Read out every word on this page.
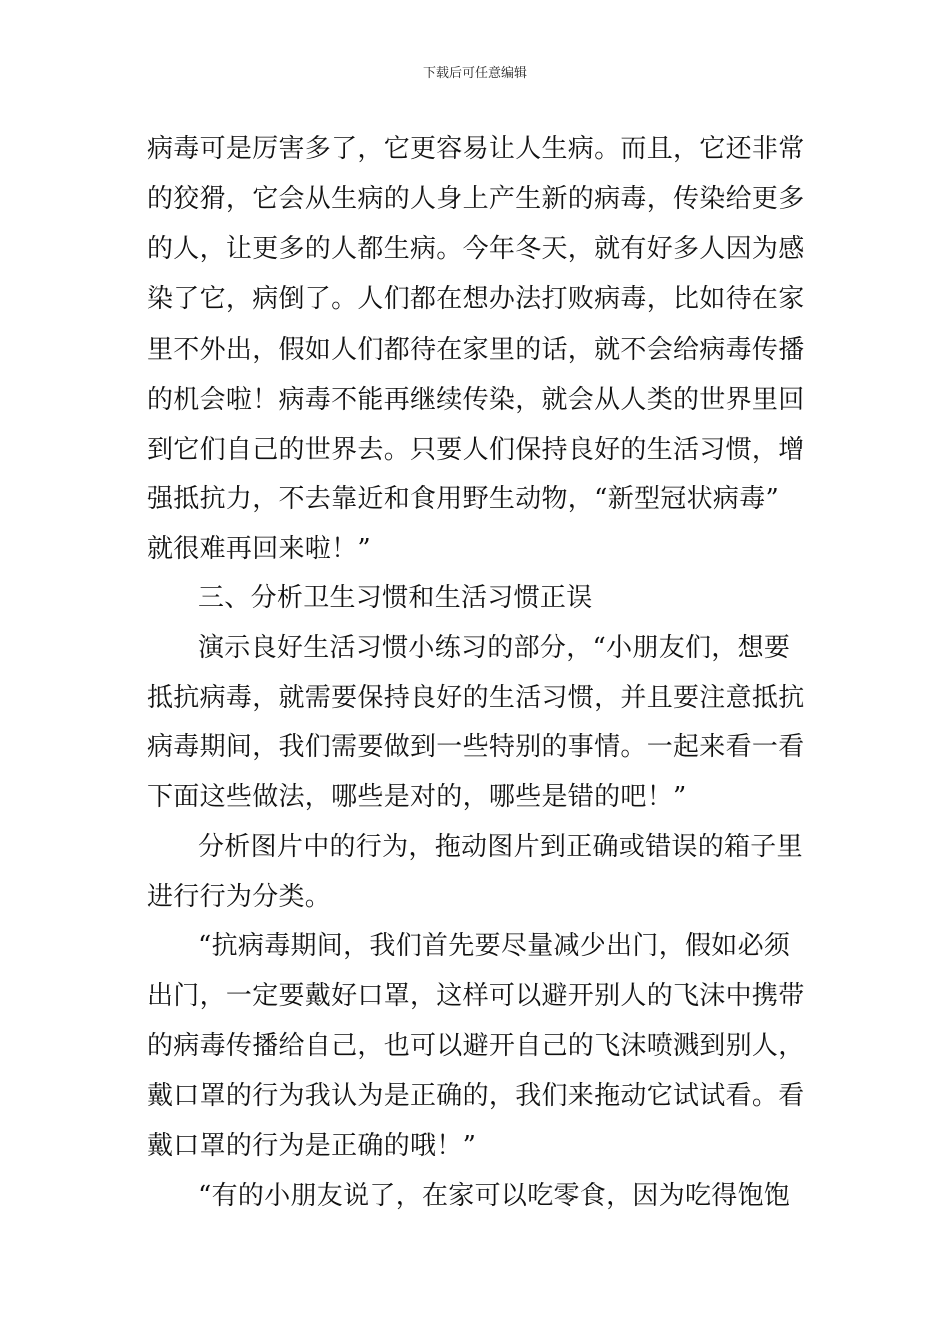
下载后可任意编辑
病毒可是厉害多了，它更容易让人生病。而且，它还非常
的狡猾，它会从生病的人身上产生新的病毒，传染给更多
的人，让更多的人都生病。今年冬天，就有好多人因为感
染了它，病倒了。人们都在想办法打败病毒，比如待在家
里不外出，假如人们都待在家里的话，就不会给病毒传播
的机会啦！病毒不能再继续传染，就会从人类的世界里回
到它们自己的世界去。只要人们保持良好的生活习惯，增
强抵抗力，不去靠近和食用野生动物，“新型冠状病毒”
就很难再回来啦！”
三、分析卫生习惯和生活习惯正误
演示良好生活习惯小练习的部分，“小朋友们，想要
抵抗病毒，就需要保持良好的生活习惯，并且要注意抵抗
病毒期间，我们需要做到一些特别的事情。一起来看一看
下面这些做法，哪些是对的，哪些是错的吧！”
分析图片中的行为，拖动图片到正确或错误的箱子里
进行行为分类。
“抗病毒期间，我们首先要尽量减少出门，假如必须
出门，一定要戴好口罩，这样可以避开别人的飞沫中携带
的病毒传播给自己，也可以避开自己的飞沫喷溅到别人，
戴口罩的行为我认为是正确的，我们来拖动它试试看。看
戴口罩的行为是正确的哦！”
“有的小朋友说了，在家可以吃零食，因为吃得饱饱
